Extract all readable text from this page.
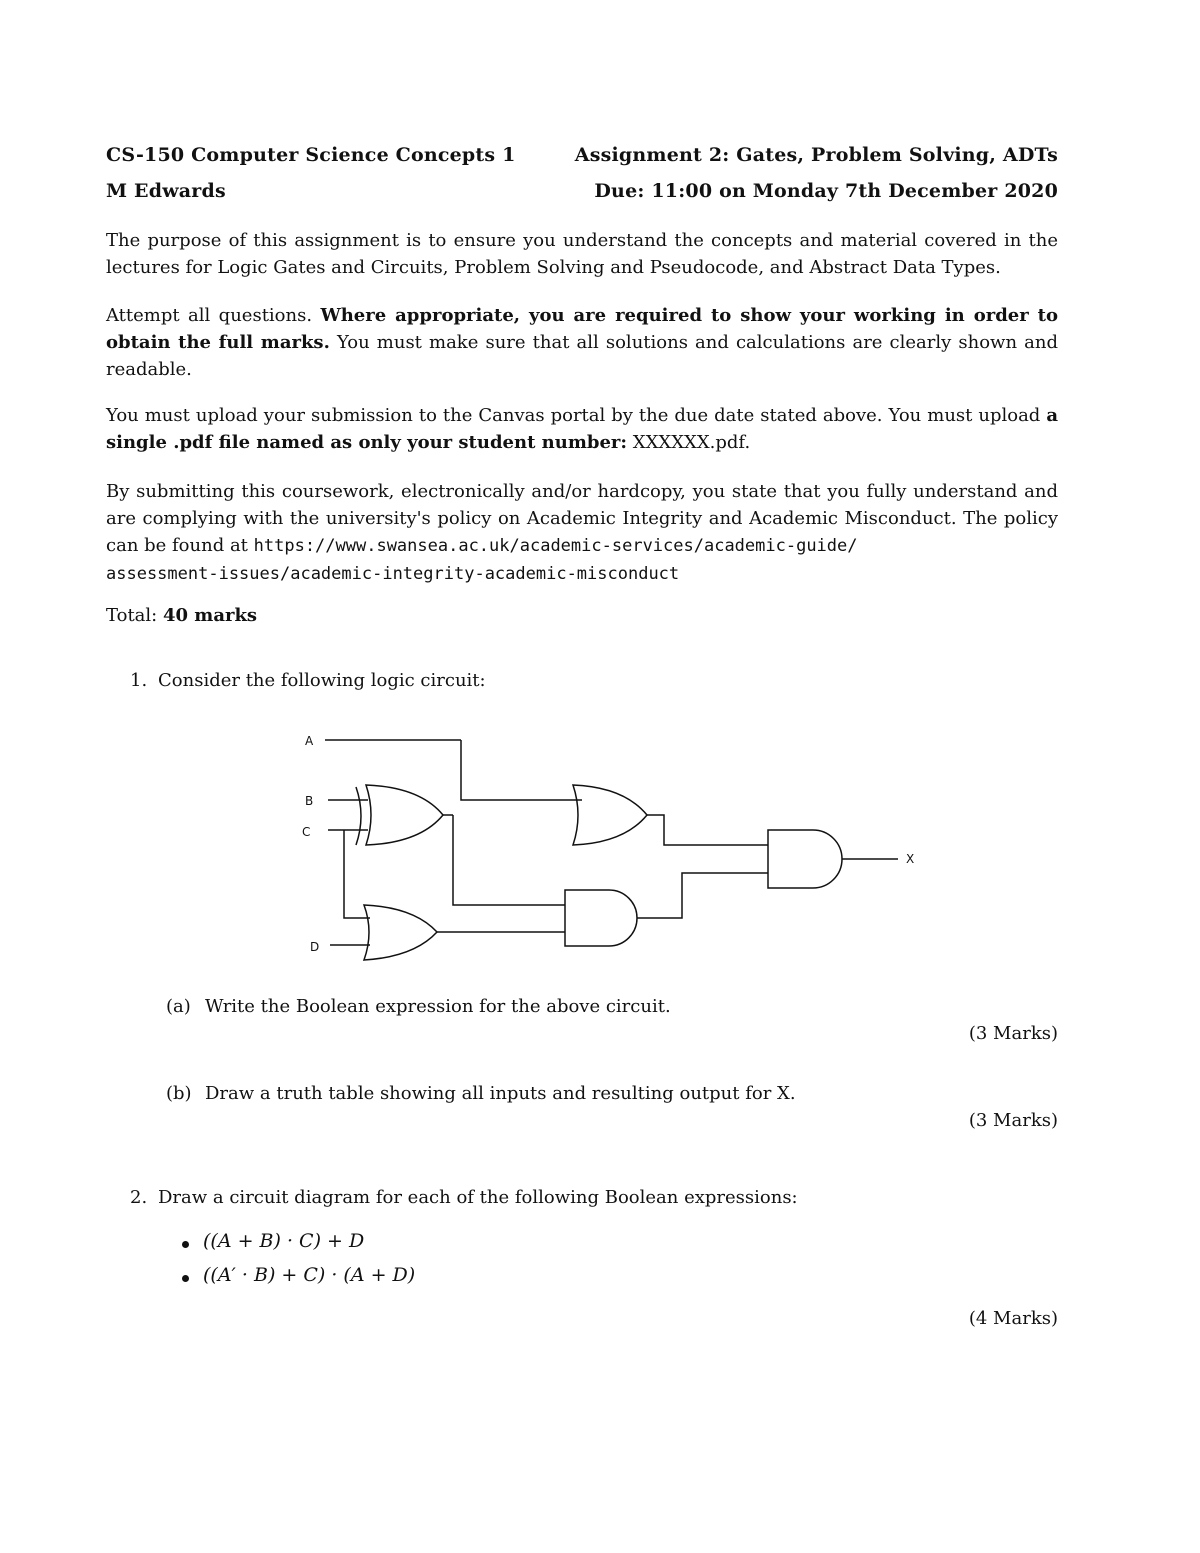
CS-150 Computer Science Concepts 1	Assignment 2: Gates, Problem Solving, ADTs
M Edwards	Due: 11:00 on Monday 7th December 2020
The purpose of this assignment is to ensure you understand the concepts and material covered in the lectures for Logic Gates and Circuits, Problem Solving and Pseudocode, and Abstract Data Types.
Attempt all questions. Where appropriate, you are required to show your working in order to obtain the full marks. You must make sure that all solutions and calculations are clearly shown and readable.
You must upload your submission to the Canvas portal by the due date stated above. You must upload a single .pdf file named as only your student number: XXXXXX.pdf.
By submitting this coursework, electronically and/or hardcopy, you state that you fully understand and are complying with the university's policy on Academic Integrity and Academic Misconduct. The policy can be found at https://www.swansea.ac.uk/academic-services/academic-guide/
assessment-issues/academic-integrity-academic-misconduct
Total: 40 marks
1. Consider the following logic circuit:
A
B
C
D
X
(a) Write the Boolean expression for the above circuit.
(3 Marks)
(b) Draw a truth table showing all inputs and resulting output for X.
(3 Marks)
2. Draw a circuit diagram for each of the following Boolean expressions:
((A + B) · C) + D
((A′ · B) + C) · (A + D)
(4 Marks)
